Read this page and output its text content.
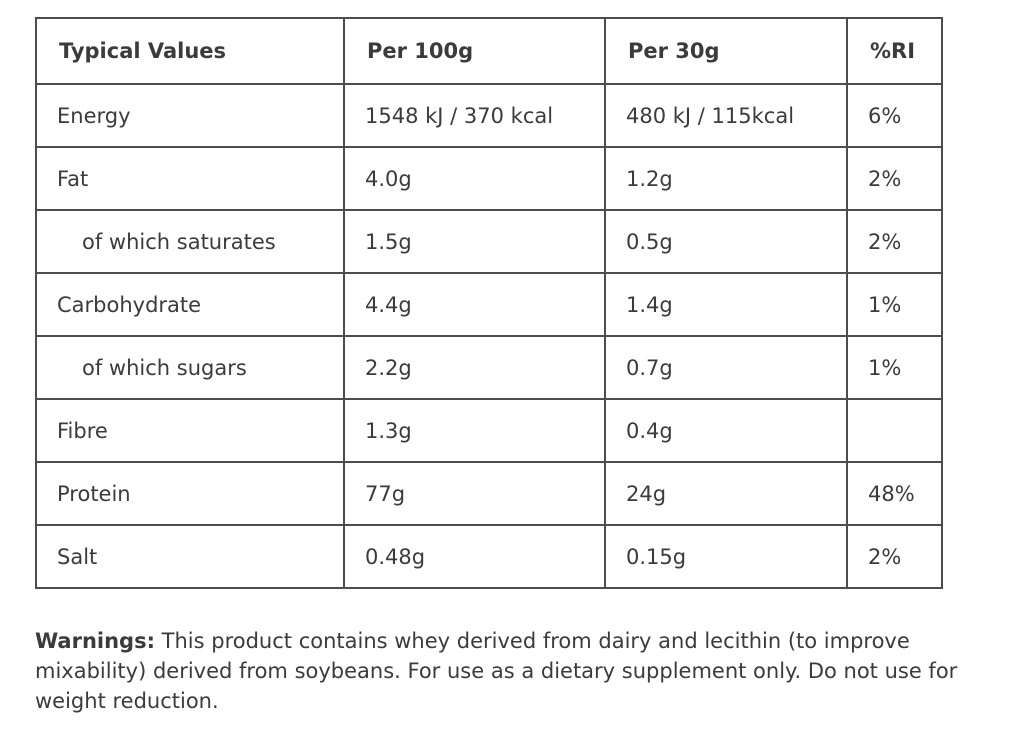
Typical Values	Per 100g	Per 30g	%RI
Energy	1548 kJ / 370 kcal	480 kJ / 115kcal	6%
Fat	4.0g	1.2g	2%
of which saturates	1.5g	0.5g	2%
Carbohydrate	4.4g	1.4g	1%
of which sugars	2.2g	0.7g	1%
Fibre	1.3g	0.4g	
Protein	77g	24g	48%
Salt	0.48g	0.15g	2%

Warnings: This product contains whey derived from dairy and lecithin (to improve mixability) derived from soybeans. For use as a dietary supplement only. Do not use for weight reduction.
